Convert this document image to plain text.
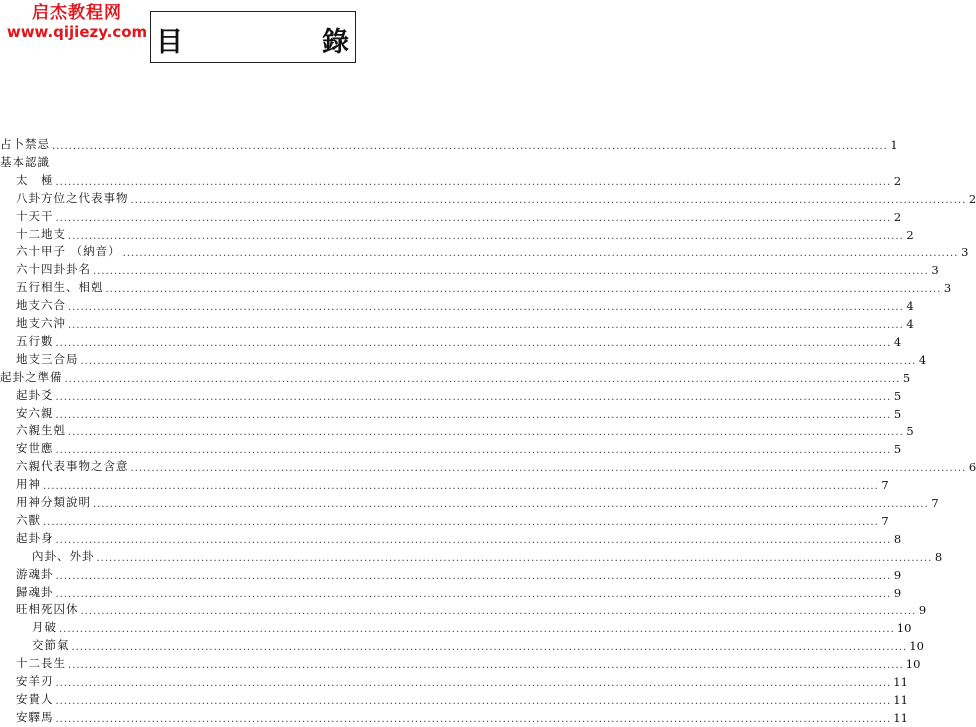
启杰教程网
www.qijiezy.com 目	錄
占卜禁忌 ........................................................................................................................................................................................................ 1
基本認識
太　極 ........................................................................................................................................................................................................ 2
八卦方位之代表事物 ........................................................................................................................................................................................................ 2
十天干 ........................................................................................................................................................................................................ 2
十二地支 ........................................................................................................................................................................................................ 2
六十甲子 （納音） ........................................................................................................................................................................................................ 3
六十四卦卦名 ........................................................................................................................................................................................................ 3
五行相生、相剋 ........................................................................................................................................................................................................ 3
地支六合 ........................................................................................................................................................................................................ 4
地支六沖 ........................................................................................................................................................................................................ 4
五行數 ........................................................................................................................................................................................................ 4
地支三合局 ........................................................................................................................................................................................................ 4
起卦之準備 ........................................................................................................................................................................................................ 5
起卦爻 ........................................................................................................................................................................................................ 5
安六親 ........................................................................................................................................................................................................ 5
六親生剋 ........................................................................................................................................................................................................ 5
安世應 ........................................................................................................................................................................................................ 5
六親代表事物之含意 ........................................................................................................................................................................................................ 6
用神 ........................................................................................................................................................................................................ 7
用神分類說明 ........................................................................................................................................................................................................ 7
六獸 ........................................................................................................................................................................................................ 7
起卦身 ........................................................................................................................................................................................................ 8
內卦、外卦 ........................................................................................................................................................................................................ 8
游魂卦 ........................................................................................................................................................................................................ 9
歸魂卦 ........................................................................................................................................................................................................ 9
旺相死囚休 ........................................................................................................................................................................................................ 9
月破 ........................................................................................................................................................................................................ 10
交節氣 ........................................................................................................................................................................................................ 10
十二長生 ........................................................................................................................................................................................................ 10
安羊刃 ........................................................................................................................................................................................................ 11
安貴人 ........................................................................................................................................................................................................ 11
安驛馬 ........................................................................................................................................................................................................ 11
